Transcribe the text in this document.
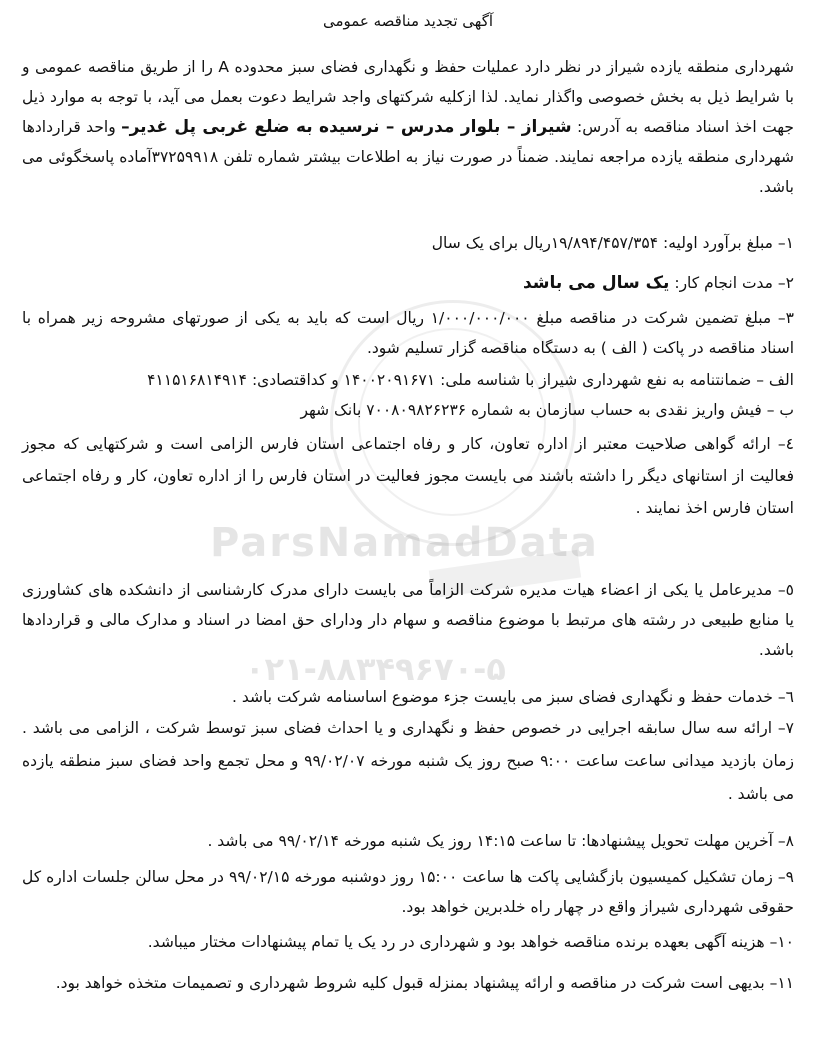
ParsNamadData
۰۲۱-۸۸۳۴۹۶۷۰-۵
آگهی تجدید مناقصه عمومی
شهرداری منطقه یازده شیراز در نظر دارد عملیات حفظ و نگهداری فضای سبز محدوده A را از طریق مناقصه عمومی و با شرایط ذیل به بخش خصوصی واگذار نماید. لذا ازکلیه شرکتهای واجد شرایط دعوت بعمل می آید، با توجه به موارد ذیل جهت اخذ اسناد مناقصه به آدرس: شیراز – بلوار مدرس – نرسیده به ضلع غربی پل غدیر– واحد قراردادها شهرداری منطقه یازده مراجعه نمایند. ضمناً در صورت نیاز به اطلاعات بیشتر شماره تلفن ۳۷۲۵۹۹۱۸آماده پاسخگوئی می باشد.
۱– مبلغ برآورد اولیه: ۱۹/۸۹۴/۴۵۷/۳۵۴ریال برای یک سال
۲– مدت انجام کار: یک سال می باشد
۳– مبلغ تضمین شرکت در مناقصه مبلغ ۱/۰۰۰/۰۰۰/۰۰۰ ریال است که باید به یکی از صورتهای مشروحه زیر همراه با اسناد مناقصه در پاکت ( الف ) به دستگاه مناقصه گزار تسلیم شود.
الف – ضمانتنامه به نفع شهرداری شیراز با شناسه ملی: ۱۴۰۰۲۰۹۱۶۷۱ و کداقتصادی: ۴۱۱۵۱۶۸۱۴۹۱۴
ب – فیش واریز نقدی به حساب سازمان به شماره ۷۰۰۸۰۹۸۲۶۲۳۶ بانک شهر
٤– ارائه گواهی صلاحیت معتبر از اداره تعاون، کار و رفاه اجتماعی استان فارس الزامی است و شرکتهایی که مجوز فعالیت از استانهای دیگر را داشته باشند می بایست مجوز فعالیت در استان فارس را از اداره تعاون، کار و رفاه اجتماعی استان فارس اخذ نمایند .
٥– مدیرعامل یا یکی از اعضاء هیات مدیره شرکت الزاماً می بایست دارای مدرک کارشناسی از دانشکده های کشاورزی یا منابع طبیعی در رشته های مرتبط با موضوع مناقصه و سهام دار ودارای حق امضا در اسناد و مدارک مالی و قراردادها باشد.
٦– خدمات حفظ و نگهداری فضای سبز می بایست جزء موضوع اساسنامه شرکت باشد .
٧– ارائه سه سال سابقه اجرایی در خصوص حفظ و نگهداری و یا احداث فضای سبز توسط شرکت ، الزامی می باشد . زمان بازدید میدانی ساعت ساعت ۹:۰۰ صبح روز یک شنبه مورخه ۹۹/۰۲/۰۷ و محل تجمع واحد فضای سبز منطقه یازده می باشد .
٨– آخرین مهلت تحویل پیشنهادها: تا ساعت ۱۴:۱۵ روز یک شنبه مورخه ۹۹/۰۲/۱۴ می باشد .
٩– زمان تشکیل کمیسیون بازگشایی پاکت ها ساعت ۱۵:۰۰ روز دوشنبه مورخه ۹۹/۰۲/۱۵ در محل سالن جلسات اداره کل حقوقی شهرداری شیراز واقع در چهار راه خلدبرین خواهد بود.
۱۰– هزینه آگهی بعهده برنده مناقصه خواهد بود و شهرداری در رد یک یا تمام پیشنهادات مختار میباشد.
۱۱– بدیهی است شرکت در مناقصه و ارائه پیشنهاد بمنزله قبول کلیه شروط شهرداری و تصمیمات متخذه خواهد بود.
